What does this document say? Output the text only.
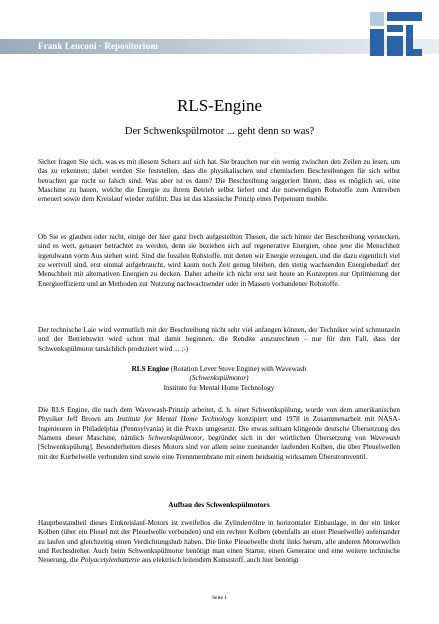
Frank Lenconi · Repositorium
RLS-Engine
Der Schwenkspülmotor ... geht denn so was?

Sicher fragen Sie sich, was es mit diesem Scherz auf sich hat. Sie brauchen nur ein wenig zwischen den Zeilen zu lesen, um das zu erkennen; dabei werden Sie feststellen, dass die physikalischen und chemischen Beschreibungen für sich selbst betrachtet gar nicht so falsch sind. Was aber ist es dann? Die Beschreibung suggeriert Ihnen, dass es möglich sei, eine Maschine zu bauen, welche die Energie zu ihrem Betrieb selbst liefert und die notwendigen Rohstoffe zum Antreiben erneuert sowie dem Kreislauf wieder zuführt. Das ist das klassische Prinzip eines Perpetuum mobile.

Ob Sie es glauben oder nicht, einige der hier ganz frech aufgestellten Thesen, die sich hinter der Beschreibung verstecken, sind es wert, genauer betrachtet zu werden, denn sie beziehen sich auf regenerative Energien, ohne jene die Menschheit irgendwann vorm Aus stehen wird. Sind die fossilen Rohstoffe, mit denen wir Energie erzeugen, und die dazu eigentlich viel zu wertvoll sind, erst einmal aufgebraucht, wird kaum noch Zeit genug bleiben, den stetig wachsenden Energiebedarf der Menschheit mit alternativen Energien zu decken. Daher arbeite ich nicht erst seit heute an Konzepten zur Optimierung der Energieeffizienz und an Methoden zur Nutzung nachwachsender oder in Massen vorhandener Rohstoffe.

Der technische Laie wird vermutlich mit der Beschreibung nicht sehr viel anfangen können, der Techniker wird schmunzeln und der Betriebswirt wird schon mal damit beginnen, die Rendite auszurechnen - nur für den Fall, dass der Schwenkspülmotor tatsächlich produziert wird ... ;-)

RLS Engine (Rotation Lever Stove Engine) with Wavewash
(Schwenkspülmotor)
Institute for Mental Home Technology

Die RLS Engine, die nach dem Wavewash-Prinzip arbeitet, d. h. einer Schwenkspülung, wurde von dem amerikanischen Physiker Jeff Brown am Institute for Mental Home Technology konzipiert und 1978 in Zusammenarbeit mit NASA-Ingenieuren in Philadelphia (Pennsylvania) in die Praxis umgesetzt. Die etwas seltsam klingende deutsche Übersetzung des Namens dieser Maschine, nämlich Schwenkspülmotor, begründet sich in der wörtlichen Übersetzung von Wavewash [Schwenkspülung]. Besonderheiten dieses Motors sind vor allem seine zueinander laufenden Kolben, die über Pleuelwellen mit der Kurbelwelle verbunden sind sowie eine Trennmembrane mit einem beidseitig wirksamen Überstromventil.

Aufbau des Schwenkspülmotors

Hauptbestandteil dieses Einkreislauf-Motors ist zweifellos die Zylinderröhre in horizontaler Einbaulage, in der ein linker Kolben (über ein Pleuel mit der Pleuelwelle verbunden) und ein rechter Kolben (ebenfalls an einer Pleuelwelle) aufeinander zu laufen und gleichzeitig einen Verdichtungshub haben. Die linke Pleuelwelle dreht links herum, alle anderen Motorwellen und Rechtsdreher. Auch beim Schwenkspülmotor benötigt man einen Starter, einen Generator und eine weitere technische Neuerung, die Polyacetylenbatterie aus elektrisch leitendem Kunststoff, auch hier benötigt

Seite 1
